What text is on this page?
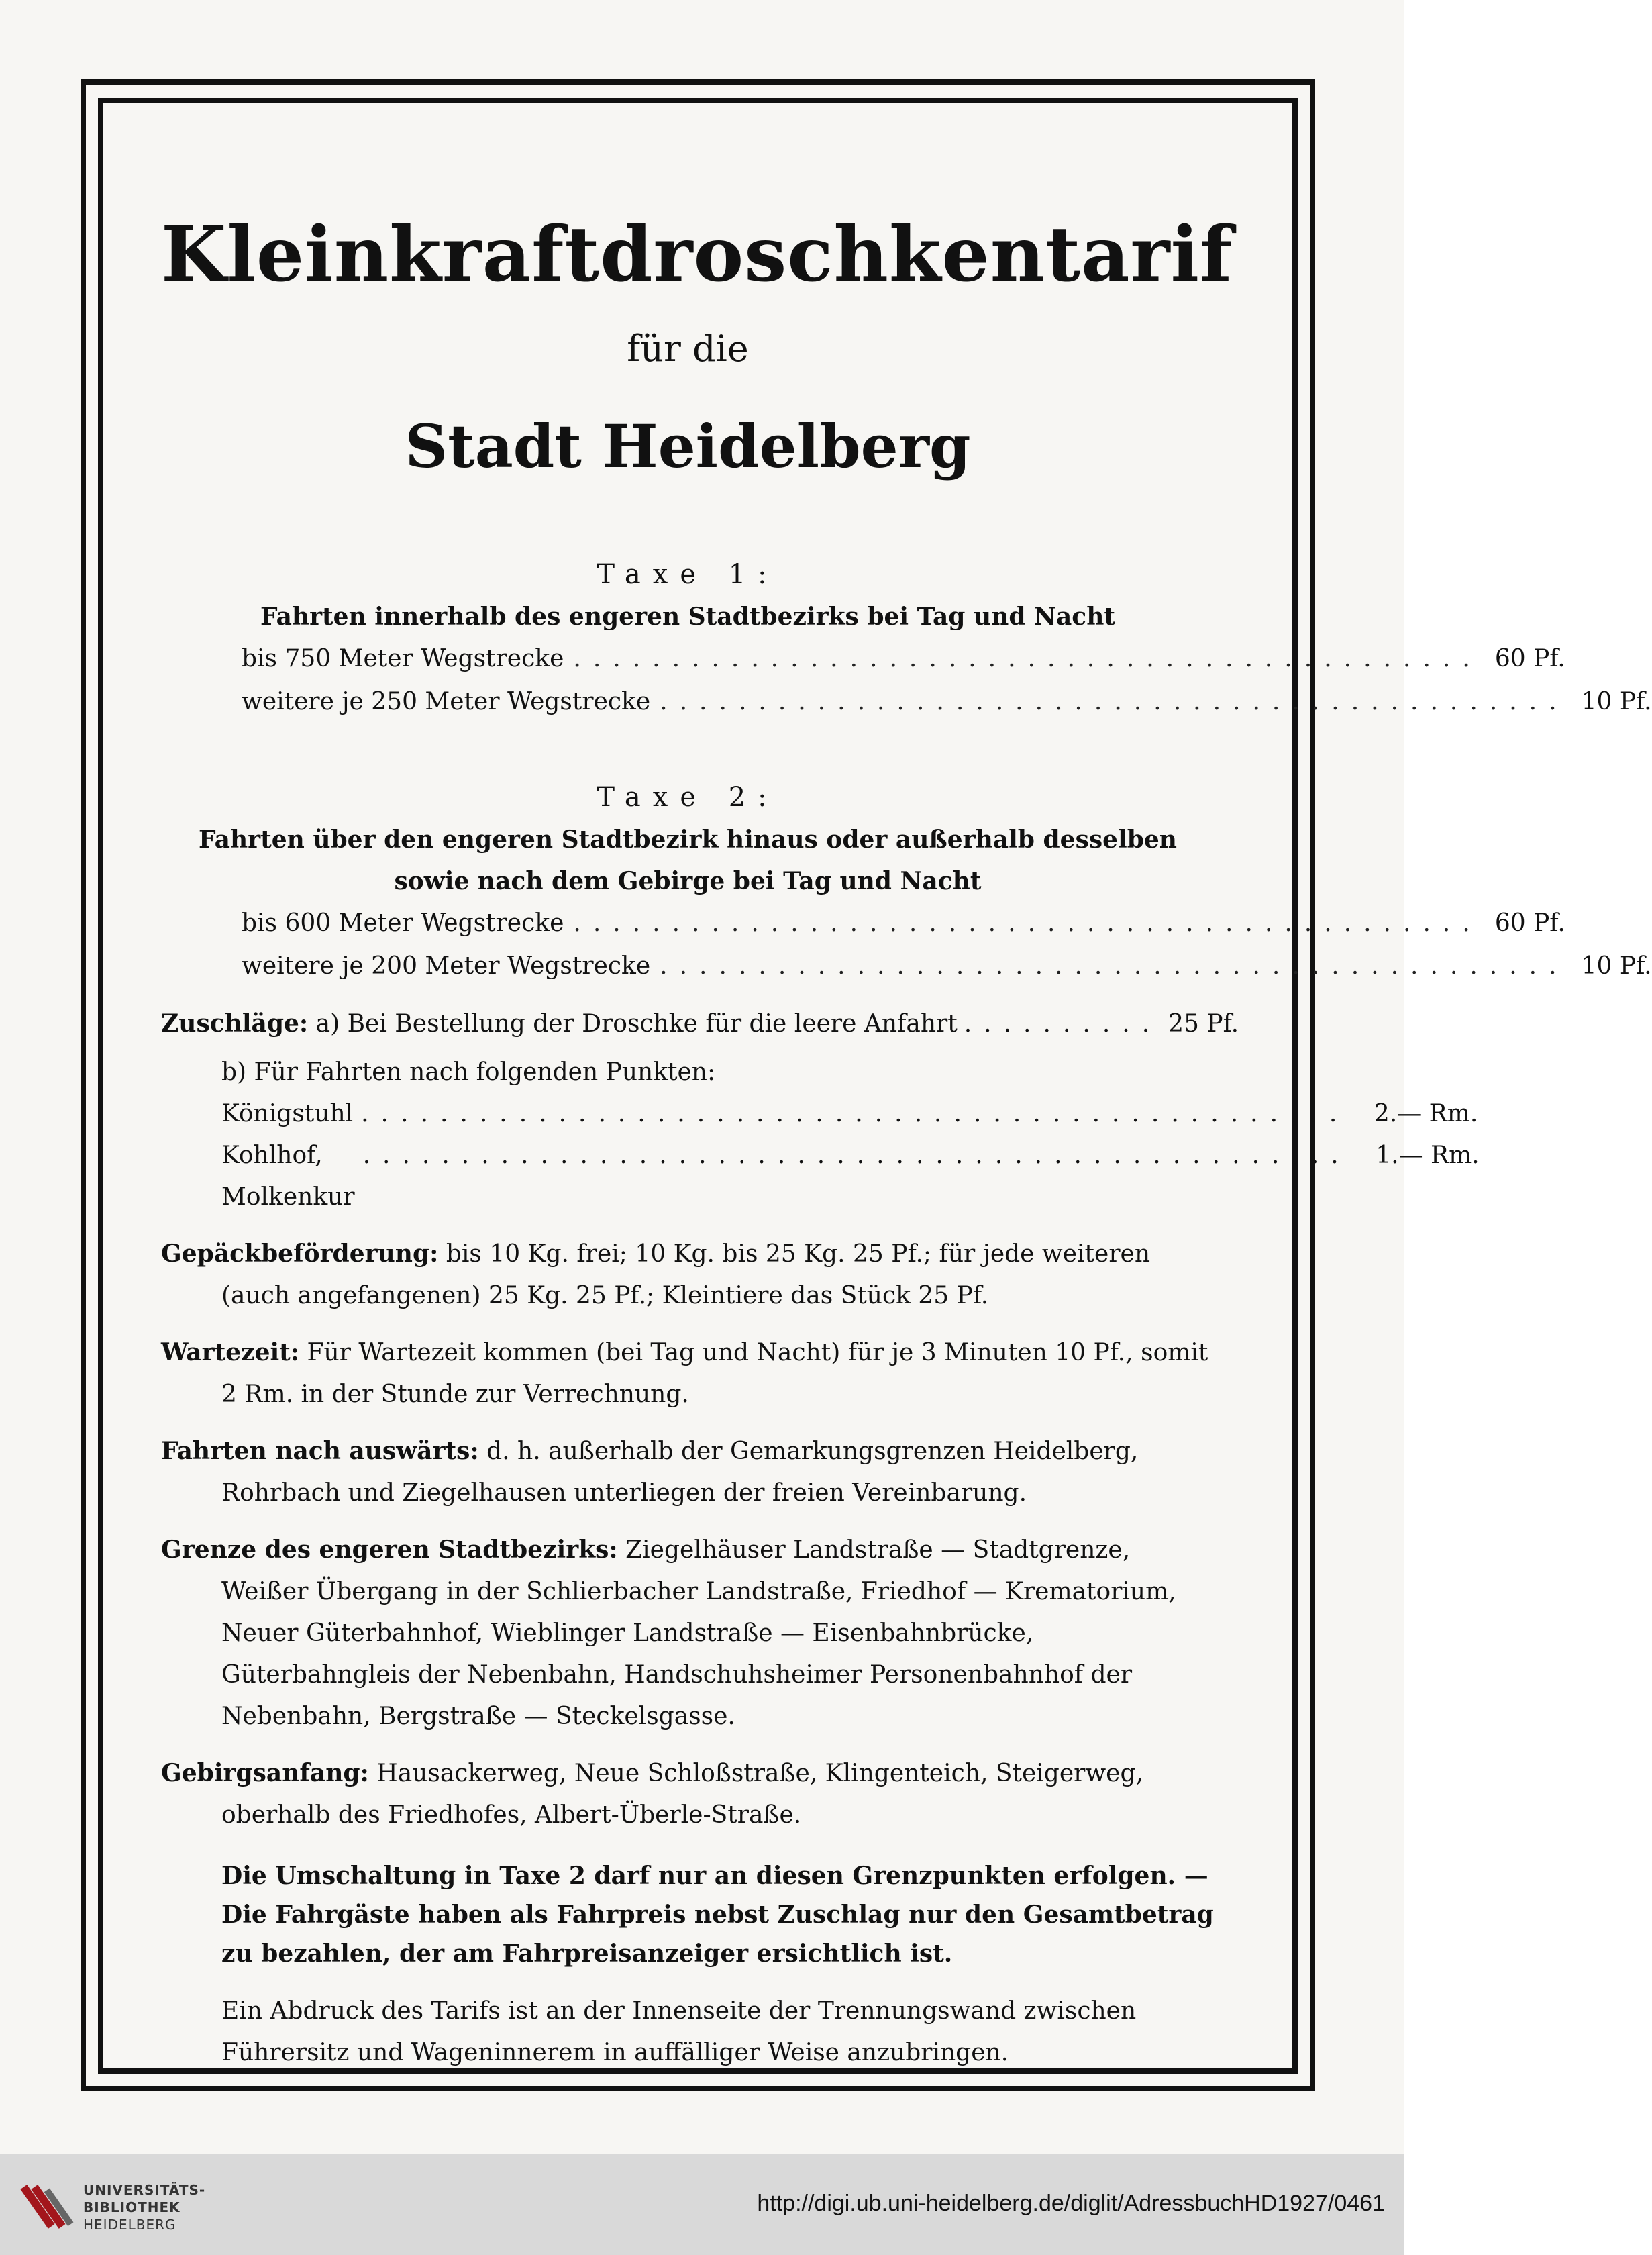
Kleinkraftdroschkentarif
für die
Stadt Heidelberg
Taxe 1:
Fahrten innerhalb des engeren Stadtbezirks bei Tag und Nacht
bis 750 Meter Wegstrecke .............................................. 60 Pf.
weitere je 250 Meter Wegstrecke .............................................. 10 Pf.
Taxe 2:
Fahrten über den engeren Stadtbezirk hinaus oder außerhalb desselben sowie nach dem Gebirge bei Tag und Nacht
bis 600 Meter Wegstrecke .............................................. 60 Pf.
weitere je 200 Meter Wegstrecke .............................................. 10 Pf.
Zuschläge: a) Bei Bestellung der Droschke für die leere Anfahrt .......... 25 Pf.
b) Für Fahrten nach folgenden Punkten:
Königstuhl ..................................................	2.— Rm.
Kohlhof, Molkenkur
..................................................	1.— Rm.
Gepäckbeförderung: bis 10 Kg. frei; 10 Kg. bis 25 Kg. 25 Pf.; für jede weiteren (auch angefangenen) 25 Kg. 25 Pf.; Kleintiere das Stück 25 Pf.
Wartezeit: Für Wartezeit kommen (bei Tag und Nacht) für je 3 Minuten 10 Pf., somit 2 Rm. in der Stunde zur Verrechnung.
Fahrten nach auswärts: d. h. außerhalb der Gemarkungsgrenzen Heidelberg, Rohrbach und Ziegelhausen unterliegen der freien Vereinbarung.
Grenze des engeren Stadtbezirks: Ziegelhäuser Landstraße — Stadtgrenze, Weißer Übergang in der Schlierbacher Landstraße, Friedhof — Krematorium, Neuer Güterbahnhof, Wieblinger Landstraße — Eisenbahnbrücke, Güterbahngleis der Nebenbahn, Handschuhsheimer Personenbahnhof der Nebenbahn, Bergstraße — Steckelsgasse.
Gebirgsanfang: Hausackerweg, Neue Schloßstraße, Klingenteich, Steigerweg, oberhalb des Friedhofes, Albert-Überle-Straße.
Die Umschaltung in Taxe 2 darf nur an diesen Grenzpunkten erfolgen. — Die Fahrgäste haben als Fahrpreis nebst Zuschlag nur den Gesamtbetrag zu bezahlen, der am Fahrpreisanzeiger ersichtlich ist.
Ein Abdruck des Tarifs ist an der Innenseite der Trennungswand zwischen Führersitz und Wageninnerem in auffälliger Weise anzubringen.
UNIVERSITÄTS-
BIBLIOTHEK
HEIDELBERG
http://digi.ub.uni-heidelberg.de/diglit/AdressbuchHD1927/0461
